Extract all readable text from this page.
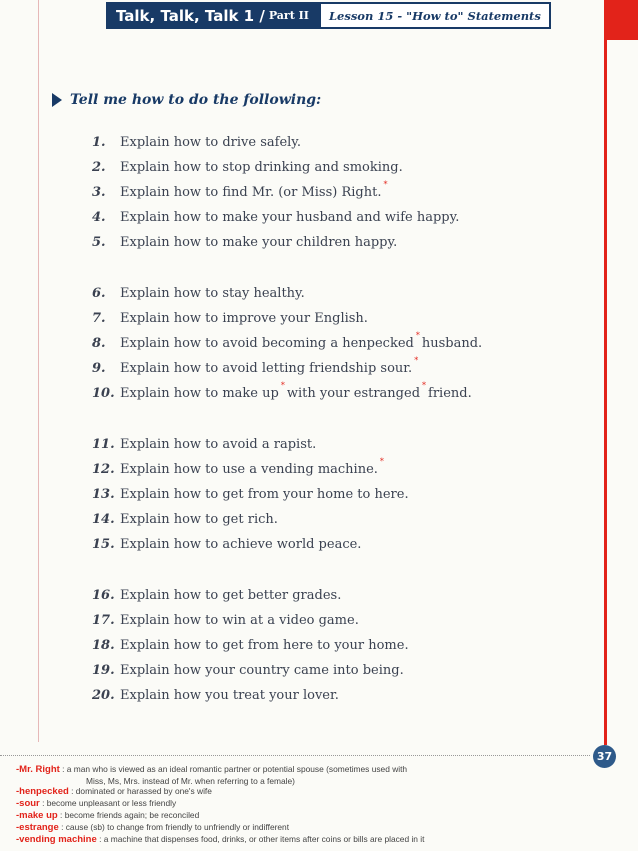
Talk, Talk, Talk 1 / Part II	Lesson 15 - "How to" Statements
Tell me how to do the following:
1.	Explain how to drive safely.
2.	Explain how to stop drinking and smoking.
3.	Explain how to find Mr. (or Miss) Right.
*
4.	Explain how to make your husband and wife happy.
5.	Explain how to make your children happy.
6.	Explain how to stay healthy.
7.	Explain how to improve your English.
8.	Explain how to avoid becoming a henpecked
*
husband.
9.	Explain how to avoid letting friendship sour.
*
10. Explain how to make up
*
with your estranged
*
friend.
11. Explain how to avoid a rapist.
12. Explain how to use a vending machine.
*
13. Explain how to get from your home to here.
14. Explain how to get rich.
15. Explain how to achieve world peace.
16. Explain how to get better grades.
17. Explain how to win at a video game.
18. Explain how to get from here to your home.
19. Explain how your country came into being.
20. Explain how you treat your lover.
37
-Mr. Right : a man who is viewed as an ideal romantic partner or potential spouse (sometimes used with
Miss, Ms, Mrs. instead of Mr. when referring to a female)
-henpecked : dominated or harassed by one's wife
-sour : become unpleasant or less friendly
-make up : become friends again; be reconciled
-estrange : cause (sb) to change from friendly to unfriendly or indifferent
-vending machine : a machine that dispenses food, drinks, or other items after coins or bills are placed in it
